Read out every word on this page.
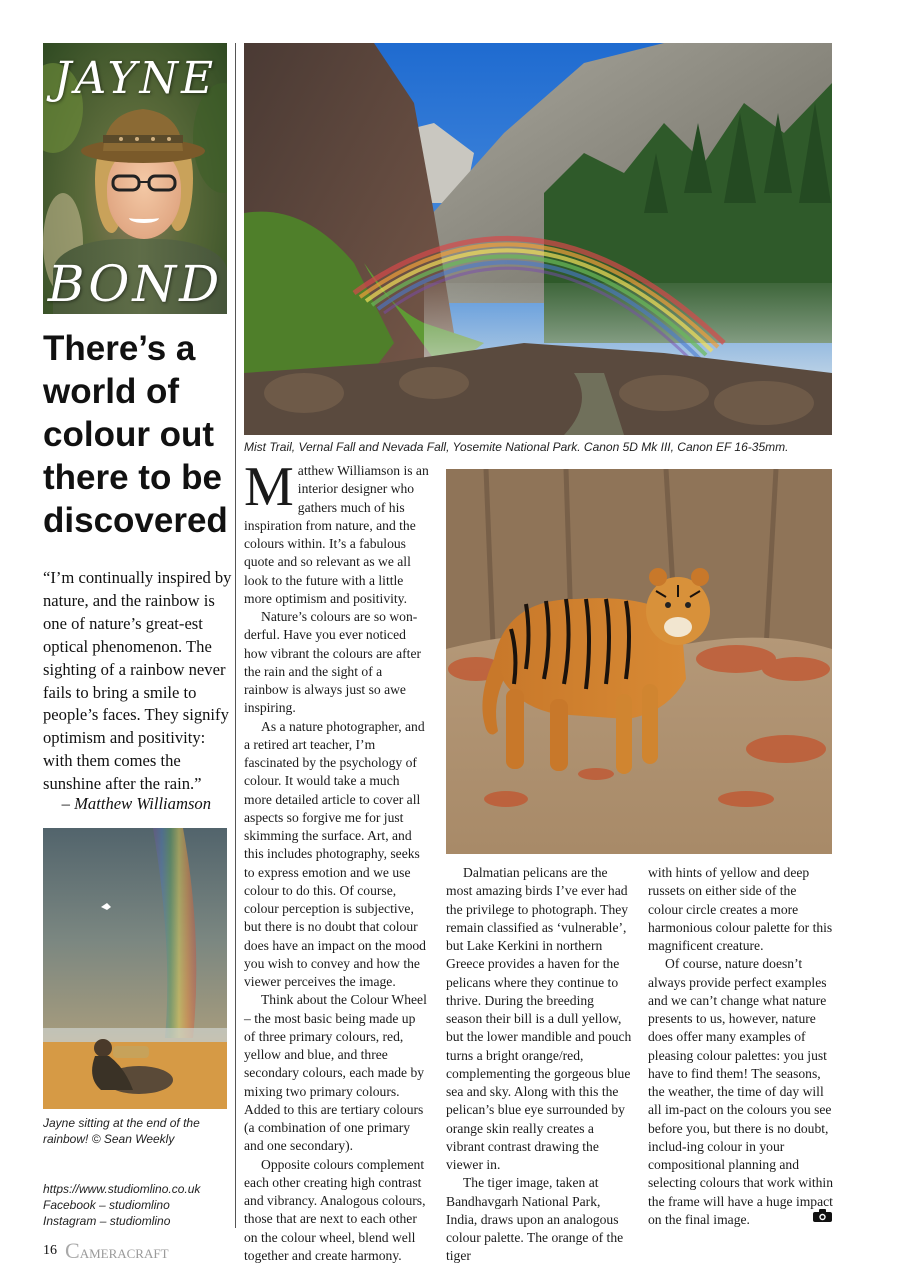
JAYNE
BOND
There’s a world of colour out there to be discovered
“I’m continually inspired by nature, and the rainbow is one of nature’s great-est optical phenomenon. The sighting of a rainbow never fails to bring a smile to people’s faces. They signify optimism and positivity: with them comes the sunshine after the rain.”
– Matthew Williamson
Jayne sitting at the end of the rainbow! © Sean Weekly
https://www.studiomlino.co.uk
Facebook – studiomlino
Instagram – studiomlino
16 CAMERACRAFT
Mist Trail, Vernal Fall and Nevada Fall, Yosemite National Park. Canon 5D Mk III, Canon EF 16-35mm.

Matthew Williamson is an interior designer who gathers much of his inspiration from nature, and the colours within. It’s a fabulous quote and so relevant as we all look to the future with a little more optimism and positivity.

Nature’s colours are so won-derful. Have you ever noticed how vibrant the colours are after the rain and the sight of a rainbow is always just so awe inspiring.

As a nature photographer, and a retired art teacher, I’m fascinated by the psychology of colour. It would take a much more detailed article to cover all aspects so forgive me for just skimming the surface. Art, and this includes photography, seeks to express emotion and we use colour to do this. Of course, colour perception is subjective, but there is no doubt that colour does have an impact on the mood you wish to convey and how the viewer perceives the image.

Think about the Colour Wheel – the most basic being made up of three primary colours, red, yellow and blue, and three secondary colours, each made by mixing two primary colours. Added to this are tertiary colours (a combination of one primary and one secondary).

Opposite colours complement each other creating high contrast and vibrancy. Analogous colours, those that are next to each other on the colour wheel, blend well together and create harmony.

Dalmatian pelicans are the most amazing birds I’ve ever had the privilege to photograph. They remain classified as ‘vulnerable’, but Lake Kerkini in northern Greece provides a haven for the pelicans where they continue to thrive. During the breeding season their bill is a dull yellow, but the lower mandible and pouch turns a bright orange/red, complementing the gorgeous blue sea and sky. Along with this the pelican’s blue eye surrounded by orange skin really creates a vibrant contrast drawing the viewer in.

The tiger image, taken at Bandhavgarh National Park, India, draws upon an analogous colour palette. The orange of the tiger

with hints of yellow and deep russets on either side of the colour circle creates a more harmonious colour palette for this magnificent creature.

Of course, nature doesn’t always provide perfect examples and we can’t change what nature presents to us, however, nature does offer many examples of pleasing colour palettes: you just have to find them! The seasons, the weather, the time of day will all im-pact on the colours you see before you, but there is no doubt, includ-ing colour in your compositional planning and selecting colours that work within the frame will have a huge impact on the final image.
